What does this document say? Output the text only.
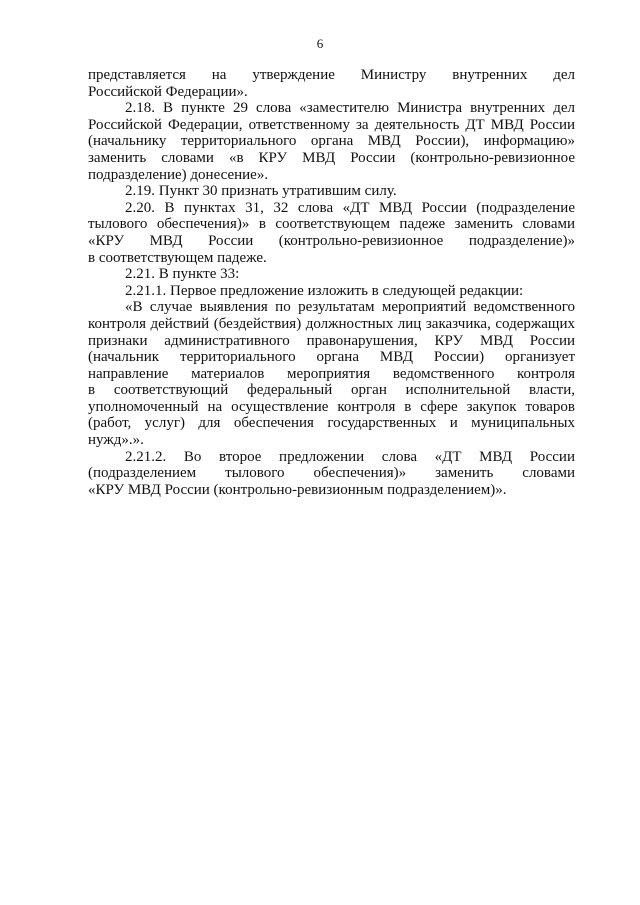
6

представляется на утверждение Министру внутренних дел
Российской Федерации».

2.18. В пункте 29 слова «заместителю Министра внутренних дел
Российской Федерации, ответственному за деятельность ДТ МВД России
(начальнику территориального органа МВД России), информацию»
заменить словами «в КРУ МВД России (контрольно-ревизионное
подразделение) донесение».

2.19. Пункт 30 признать утратившим силу.

2.20. В пунктах 31, 32 слова «ДТ МВД России (подразделение
тылового обеспечения)» в соответствующем падеже заменить словами
«КРУ МВД России (контрольно-ревизионное подразделение)»
в соответствующем падеже.

2.21. В пункте 33:

2.21.1. Первое предложение изложить в следующей редакции:

«В случае выявления по результатам мероприятий ведомственного
контроля действий (бездействия) должностных лиц заказчика, содержащих
признаки административного правонарушения, КРУ МВД России
(начальник территориального органа МВД России) организует
направление материалов мероприятия ведомственного контроля
в соответствующий федеральный орган исполнительной власти,
уполномоченный на осуществление контроля в сфере закупок товаров
(работ, услуг) для обеспечения государственных и муниципальных
нужд».».

2.21.2. Во второе предложении слова «ДТ МВД России
(подразделением тылового обеспечения)» заменить словами
«КРУ МВД России (контрольно-ревизионным подразделением)».
